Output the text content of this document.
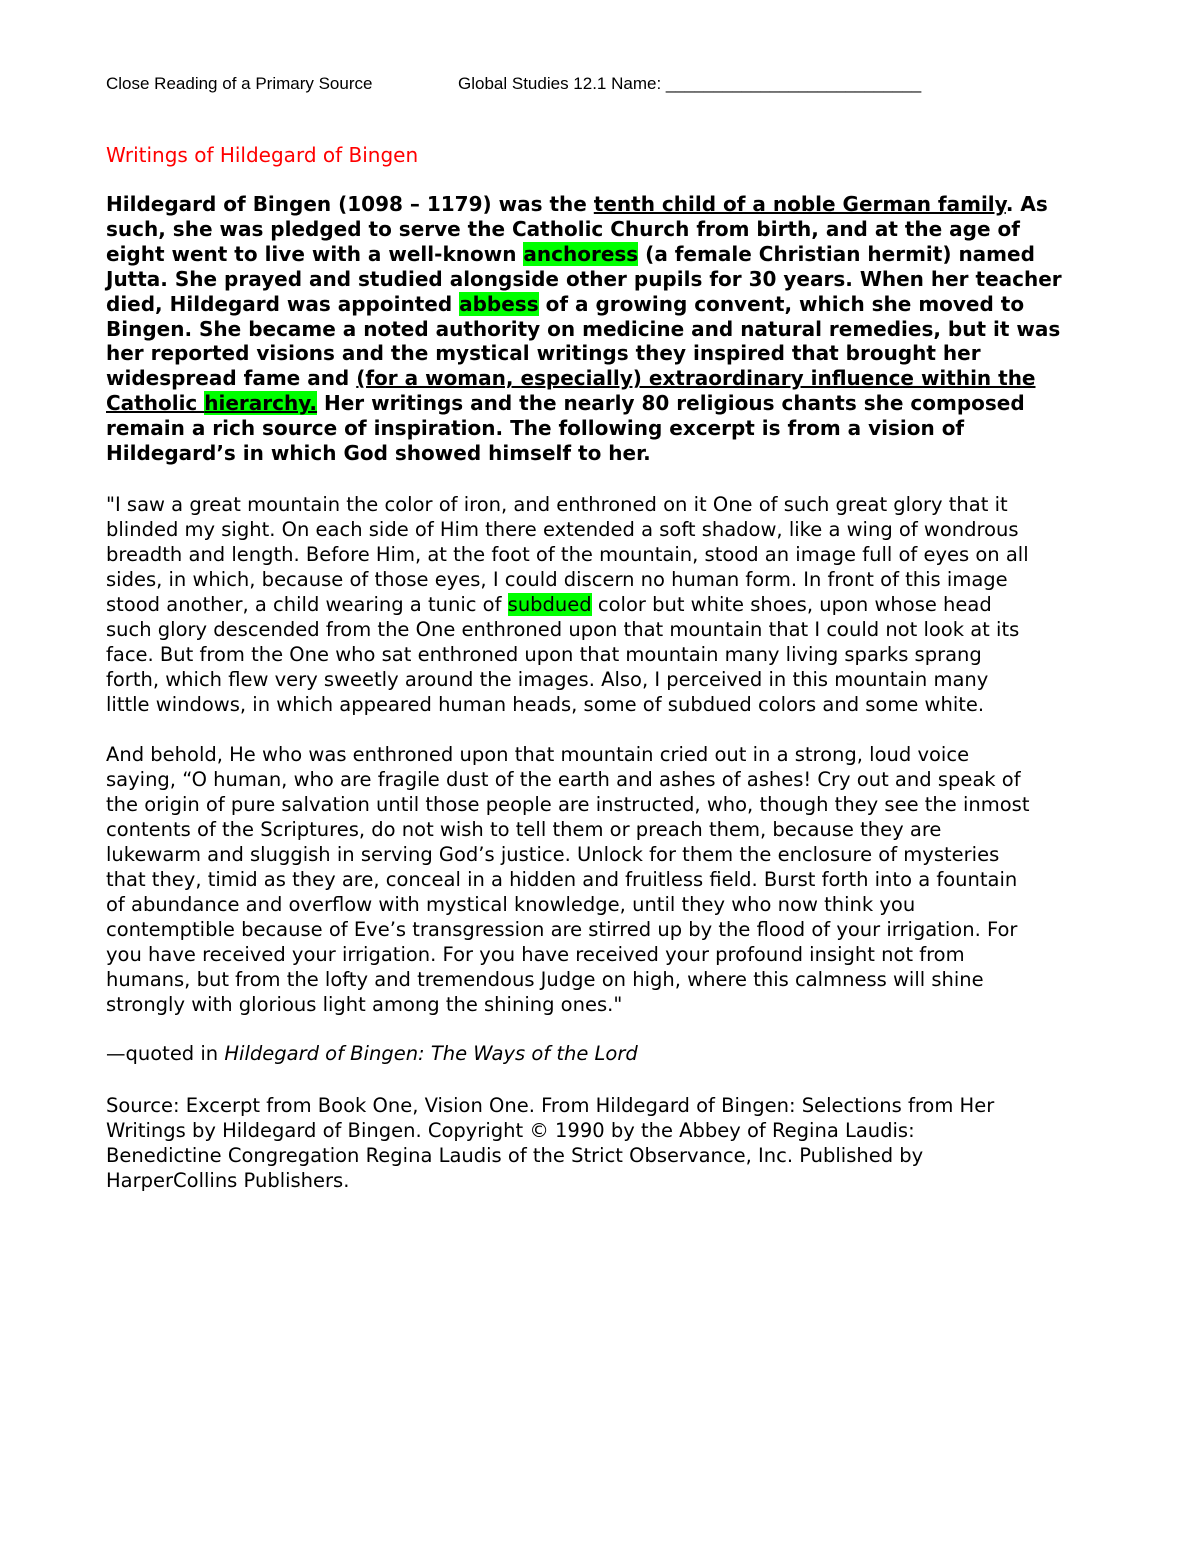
Close Reading of a Primary Source	Global Studies 12.1 Name: ___________________________
Writings of Hildegard of Bingen
Hildegard of Bingen (1098 – 1179) was the tenth child of a noble German family. As
such, she was pledged to serve the Catholic Church from birth, and at the age of
eight went to live with a well-known anchoress (a female Christian hermit) named
Jutta. She prayed and studied alongside other pupils for 30 years. When her teacher
died, Hildegard was appointed abbess of a growing convent, which she moved to
Bingen. She became a noted authority on medicine and natural remedies, but it was
her reported visions and the mystical writings they inspired that brought her
widespread fame and (for a woman, especially) extraordinary influence within the
Catholic hierarchy. Her writings and the nearly 80 religious chants she composed
remain a rich source of inspiration. The following excerpt is from a vision of
Hildegard’s in which God showed himself to her.
"I saw a great mountain the color of iron, and enthroned on it One of such great glory that it
blinded my sight. On each side of Him there extended a soft shadow, like a wing of wondrous
breadth and length. Before Him, at the foot of the mountain, stood an image full of eyes on all
sides, in which, because of those eyes, I could discern no human form. In front of this image
stood another, a child wearing a tunic of subdued color but white shoes, upon whose head
such glory descended from the One enthroned upon that mountain that I could not look at its
face. But from the One who sat enthroned upon that mountain many living sparks sprang
forth, which flew very sweetly around the images. Also, I perceived in this mountain many
little windows, in which appeared human heads, some of subdued colors and some white.
And behold, He who was enthroned upon that mountain cried out in a strong, loud voice
saying, “O human, who are fragile dust of the earth and ashes of ashes! Cry out and speak of
the origin of pure salvation until those people are instructed, who, though they see the inmost
contents of the Scriptures, do not wish to tell them or preach them, because they are
lukewarm and sluggish in serving God’s justice. Unlock for them the enclosure of mysteries
that they, timid as they are, conceal in a hidden and fruitless field. Burst forth into a fountain
of abundance and overflow with mystical knowledge, until they who now think you
contemptible because of Eve’s transgression are stirred up by the flood of your irrigation. For
you have received your irrigation. For you have received your profound insight not from
humans, but from the lofty and tremendous Judge on high, where this calmness will shine
strongly with glorious light among the shining ones."
—quoted in Hildegard of Bingen: The Ways of the Lord
Source: Excerpt from Book One, Vision One. From Hildegard of Bingen: Selections from Her
Writings by Hildegard of Bingen. Copyright © 1990 by the Abbey of Regina Laudis:
Benedictine Congregation Regina Laudis of the Strict Observance, Inc. Published by
HarperCollins Publishers.
